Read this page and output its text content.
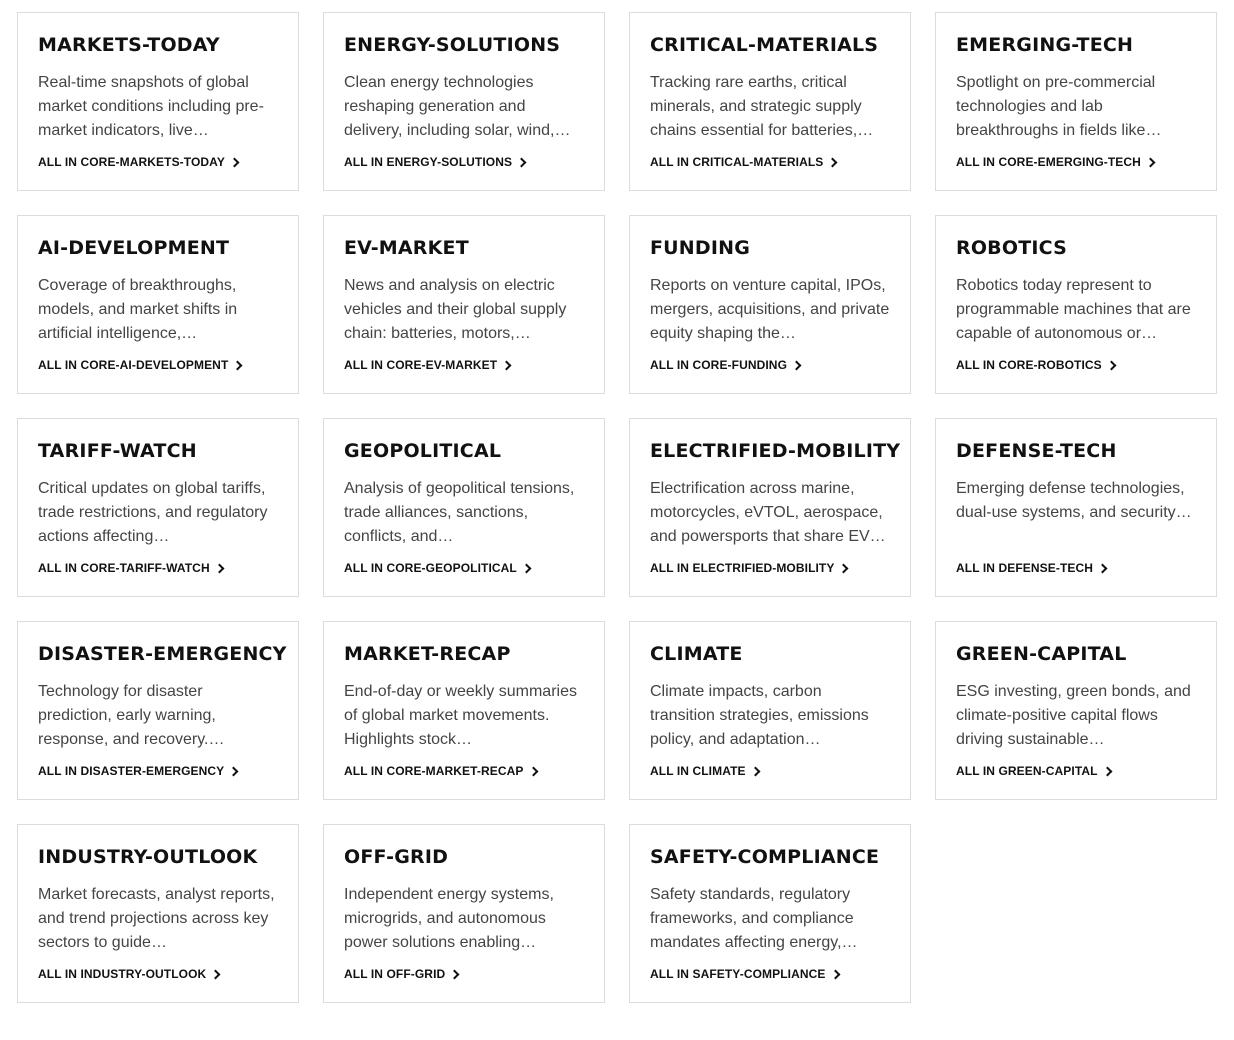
MARKETS-TODAY

Real-time snapshots of global market conditions including pre-market indicators, live…

ALL IN CORE-MARKETS-TODAY
ENERGY-SOLUTIONS

Clean energy technologies reshaping generation and delivery, including solar, wind,…

ALL IN ENERGY-SOLUTIONS
CRITICAL-MATERIALS

Tracking rare earths, critical minerals, and strategic supply chains essential for batteries,…

ALL IN CRITICAL-MATERIALS
EMERGING-TECH

Spotlight on pre-commercial technologies and lab breakthroughs in fields like…

ALL IN CORE-EMERGING-TECH
AI-DEVELOPMENT

Coverage of breakthroughs, models, and market shifts in artificial intelligence,…

ALL IN CORE-AI-DEVELOPMENT
EV-MARKET

News and analysis on electric vehicles and their global supply chain: batteries, motors,…

ALL IN CORE-EV-MARKET
FUNDING

Reports on venture capital, IPOs, mergers, acquisitions, and private equity shaping the…

ALL IN CORE-FUNDING
ROBOTICS

Robotics today represent to programmable machines that are capable of autonomous or…

ALL IN CORE-ROBOTICS
TARIFF-WATCH

Critical updates on global tariffs, trade restrictions, and regulatory actions affecting…

ALL IN CORE-TARIFF-WATCH
GEOPOLITICAL

Analysis of geopolitical tensions, trade alliances, sanctions, conflicts, and…

ALL IN CORE-GEOPOLITICAL
ELECTRIFIED-MOBILITY

Electrification across marine, motorcycles, eVTOL, aerospace, and powersports that share EV…

ALL IN ELECTRIFIED-MOBILITY
DEFENSE-TECH

Emerging defense technologies, dual-use systems, and security…

ALL IN DEFENSE-TECH
DISASTER-EMERGENCY

Technology for disaster prediction, early warning, response, and recovery.…

ALL IN DISASTER-EMERGENCY
MARKET-RECAP

End-of-day or weekly summaries of global market movements. Highlights stock…

ALL IN CORE-MARKET-RECAP
CLIMATE

Climate impacts, carbon transition strategies, emissions policy, and adaptation…

ALL IN CLIMATE
GREEN-CAPITAL

ESG investing, green bonds, and climate-positive capital flows driving sustainable…

ALL IN GREEN-CAPITAL
INDUSTRY-OUTLOOK

Market forecasts, analyst reports, and trend projections across key sectors to guide…

ALL IN INDUSTRY-OUTLOOK
OFF-GRID

Independent energy systems, microgrids, and autonomous power solutions enabling…

ALL IN OFF-GRID
SAFETY-COMPLIANCE

Safety standards, regulatory frameworks, and compliance mandates affecting energy,…

ALL IN SAFETY-COMPLIANCE
